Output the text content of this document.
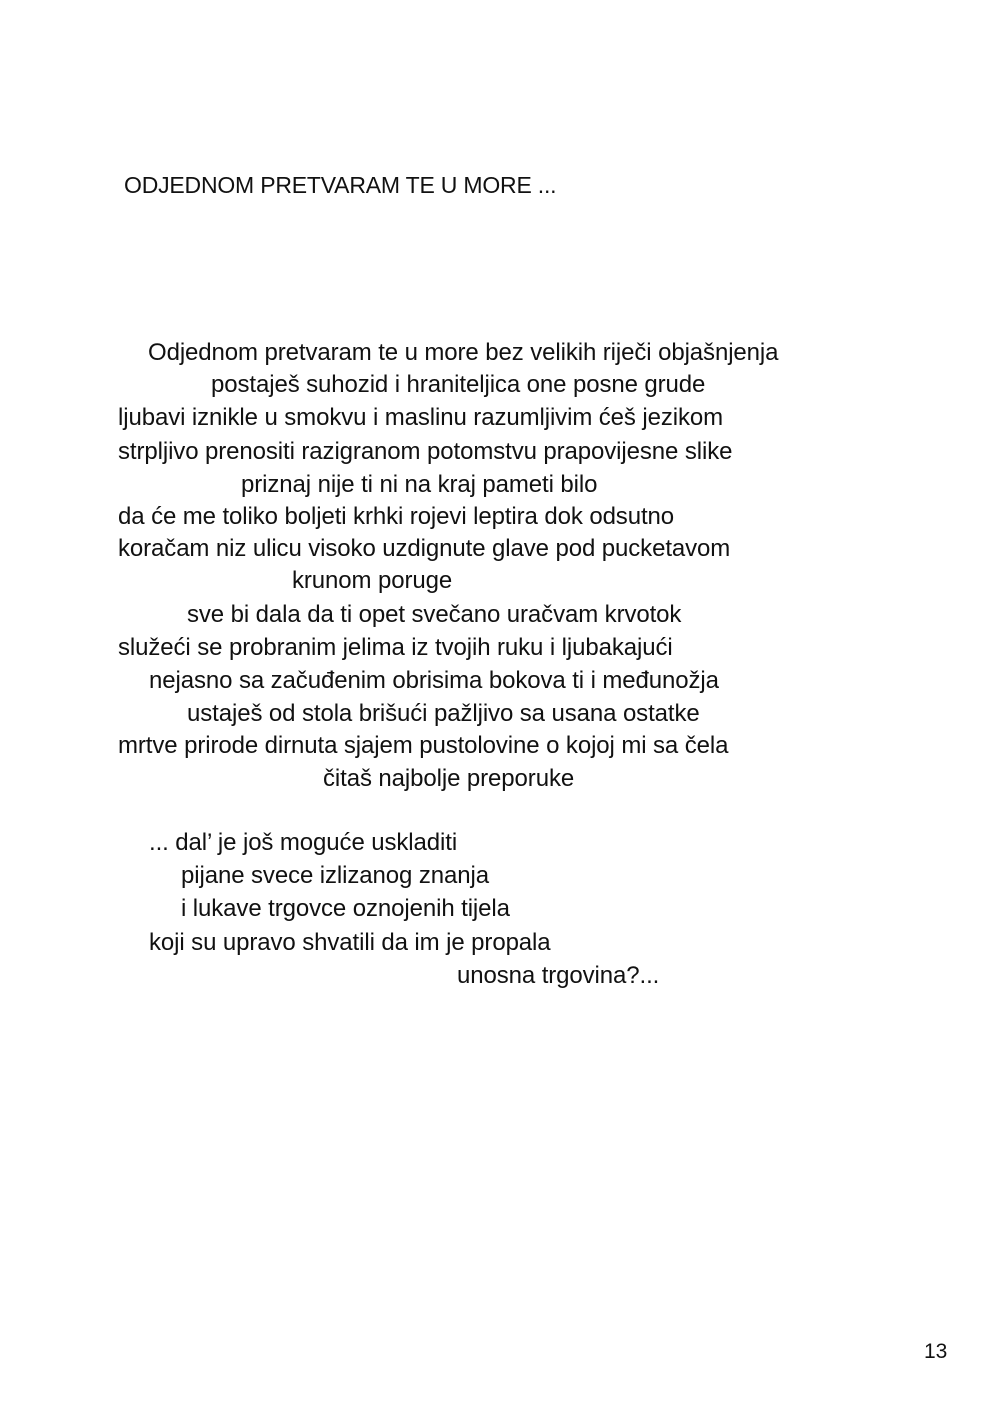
ODJEDNOM PRETVARAM TE U MORE ...
Odjednom pretvaram te u more bez velikih riječi objašnjenja
postaješ suhozid i hraniteljica one posne grude
ljubavi iznikle u smokvu i maslinu razumljivim ćeš jezikom
strpljivo prenositi razigranom potomstvu prapovijesne slike
priznaj nije ti ni na kraj pameti bilo
da će me toliko boljeti krhki rojevi leptira dok odsutno
koračam niz ulicu visoko uzdignute glave pod pucketavom
krunom poruge
sve bi dala da ti opet svečano uračvam krvotok
služeći se probranim jelima iz tvojih ruku i ljubakajući
nejasno sa začuđenim obrisima bokova ti i međunožja
ustaješ od stola brišući pažljivo sa usana ostatke
mrtve prirode dirnuta sjajem pustolovine o kojoj mi sa čela
čitaš najbolje preporuke
... dal’ je još moguće uskladiti
pijane svece izlizanog znanja
i lukave trgovce oznojenih tijela
koji su upravo shvatili da im je propala
unosna trgovina?...
13
